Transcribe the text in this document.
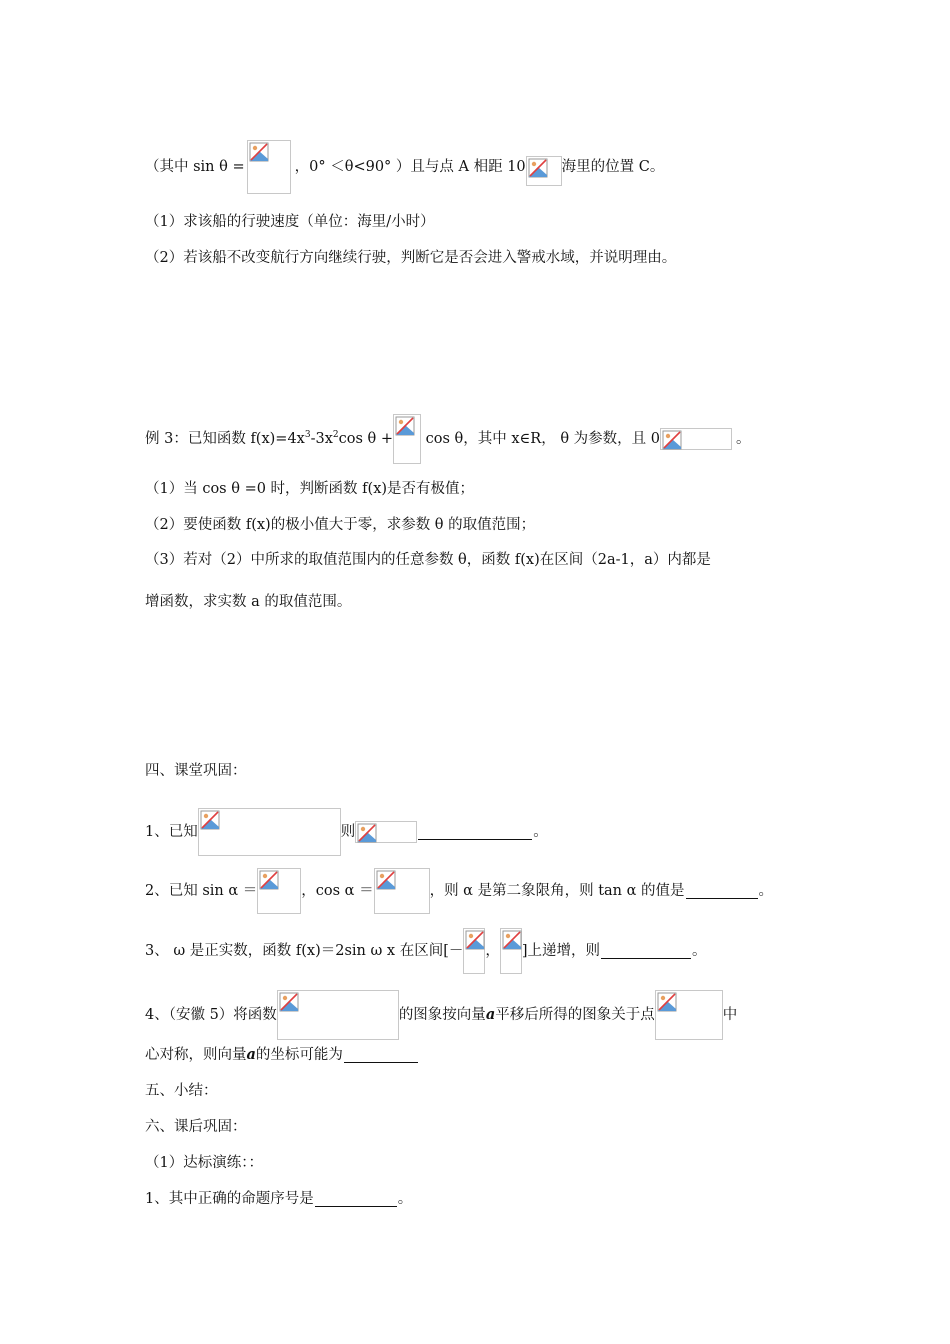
（其中 sin θ =	，0° ＜θ<90° ）且与点 A 相距 10 海里的位置 C。
（1）求该船的行驶速度（单位：海里/小时）
（2）若该船不改变航行方向继续行驶，判断它是否会进入警戒水域，并说明理由。
例 3：已知函数 $f(x)=4x^3-3x^2\cos$ θ +
cos θ，其中 x∈R， θ 为参数，且 0	。
（1）当 cos θ =0 时，判断函数 f(x)是否有极值；
（2）要使函数 f(x)的极小值大于零，求参数 θ 的取值范围；
（3）若对（2）中所求的取值范围内的任意参数 θ，函数 f(x)在区间（2a-1，a）内都是
增函数，求实数 a 的取值范围。
四、课堂巩固：
1、已知	则	。
2、已知 sin α ＝	，cos α ＝	，则 α 是第二象限角，则 tan α 的值是	。
3、 ω 是正实数，函数 f(x)＝2sin ω x 在区间[－ ， ]上递增，则	。
4、（安徽 5）将函数	的图象按向量a平移后所得的图象关于点	中
心对称，则向量a的坐标可能为
五、小结：
六、课后巩固：
（1）达标演练：：
1、其中正确的命题序号是	。
